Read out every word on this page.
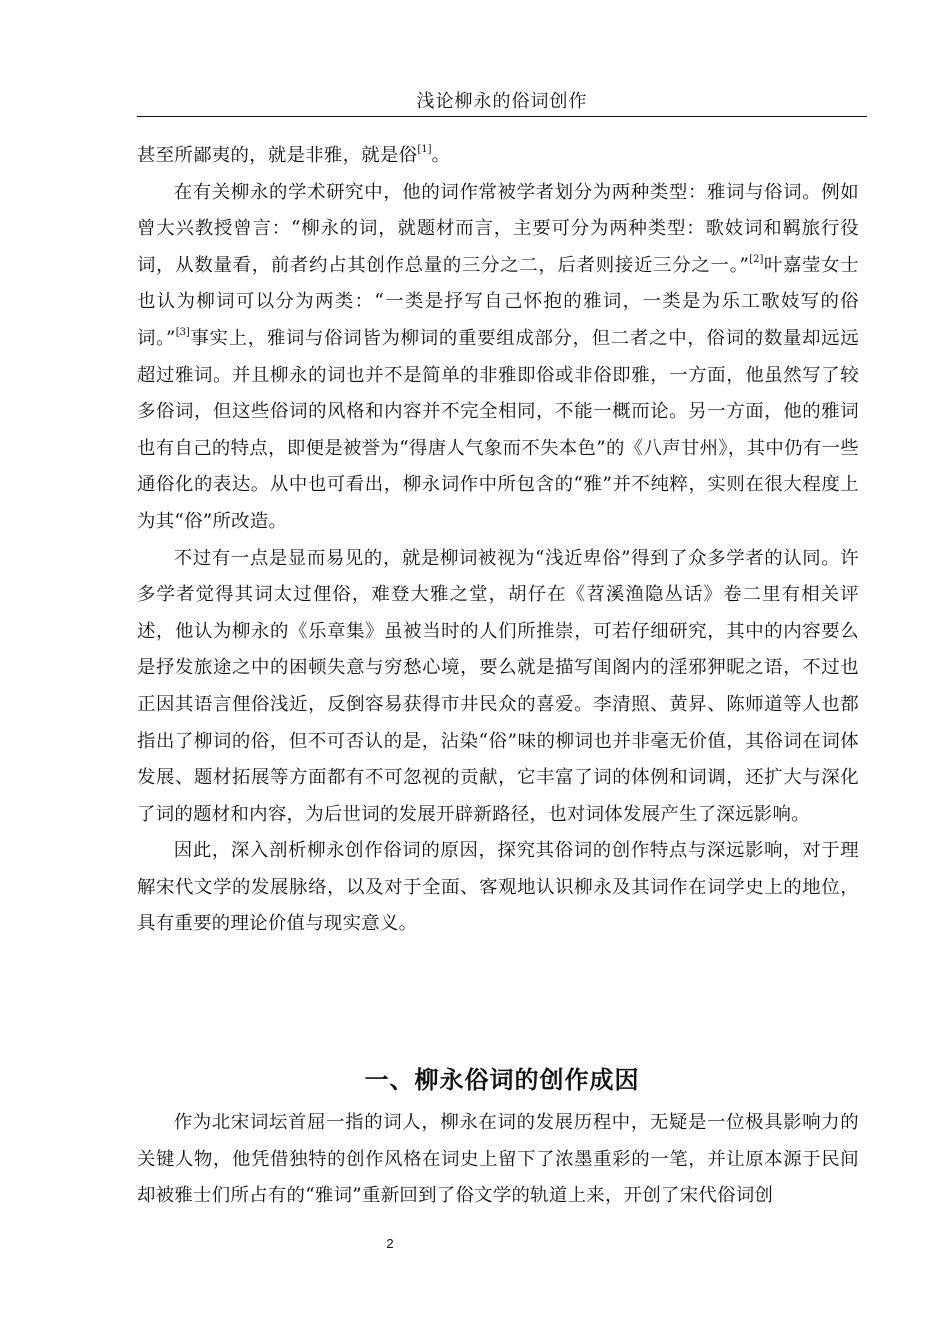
浅论柳永的俗词创作

甚至所鄙夷的，就是非雅，就是俗[1]。

在有关柳永的学术研究中，他的词作常被学者划分为两种类型：雅词与俗词。例如曾大兴教授曾言：“柳永的词，就题材而言，主要可分为两种类型：歌妓词和羁旅行役词，从数量看，前者约占其创作总量的三分之二，后者则接近三分之一。”[2]叶嘉莹女士也认为柳词可以分为两类：“一类是抒写自己怀抱的雅词，一类是为乐工歌妓写的俗词。”[3]事实上，雅词与俗词皆为柳词的重要组成部分，但二者之中，俗词的数量却远远超过雅词。并且柳永的词也并不是简单的非雅即俗或非俗即雅，一方面，他虽然写了较多俗词，但这些俗词的风格和内容并不完全相同，不能一概而论。另一方面，他的雅词也有自己的特点，即便是被誉为“得唐人气象而不失本色”的《八声甘州》，其中仍有一些通俗化的表达。从中也可看出，柳永词作中所包含的“雅”并不纯粹，实则在很大程度上为其“俗”所改造。

不过有一点是显而易见的，就是柳词被视为“浅近卑俗”得到了众多学者的认同。许多学者觉得其词太过俚俗，难登大雅之堂，胡仔在《苕溪渔隐丛话》卷二里有相关评述，他认为柳永的《乐章集》虽被当时的人们所推崇，可若仔细研究，其中的内容要么是抒发旅途之中的困顿失意与穷愁心境，要么就是描写闺阁内的淫邪狎昵之语，不过也正因其语言俚俗浅近，反倒容易获得市井民众的喜爱。李清照、黄昇、陈师道等人也都指出了柳词的俗，但不可否认的是，沾染“俗”味的柳词也并非毫无价值，其俗词在词体发展、题材拓展等方面都有不可忽视的贡献，它丰富了词的体例和词调，还扩大与深化了词的题材和内容，为后世词的发展开辟新路径，也对词体发展产生了深远影响。

因此，深入剖析柳永创作俗词的原因，探究其俗词的创作特点与深远影响，对于理解宋代文学的发展脉络，以及对于全面、客观地认识柳永及其词作在词学史上的地位，具有重要的理论价值与现实意义。

一、柳永俗词的创作成因

作为北宋词坛首屈一指的词人，柳永在词的发展历程中，无疑是一位极具影响力的关键人物，他凭借独特的创作风格在词史上留下了浓墨重彩的一笔，并让原本源于民间却被雅士们所占有的“雅词”重新回到了俗文学的轨道上来，开创了宋代俗词创

2
